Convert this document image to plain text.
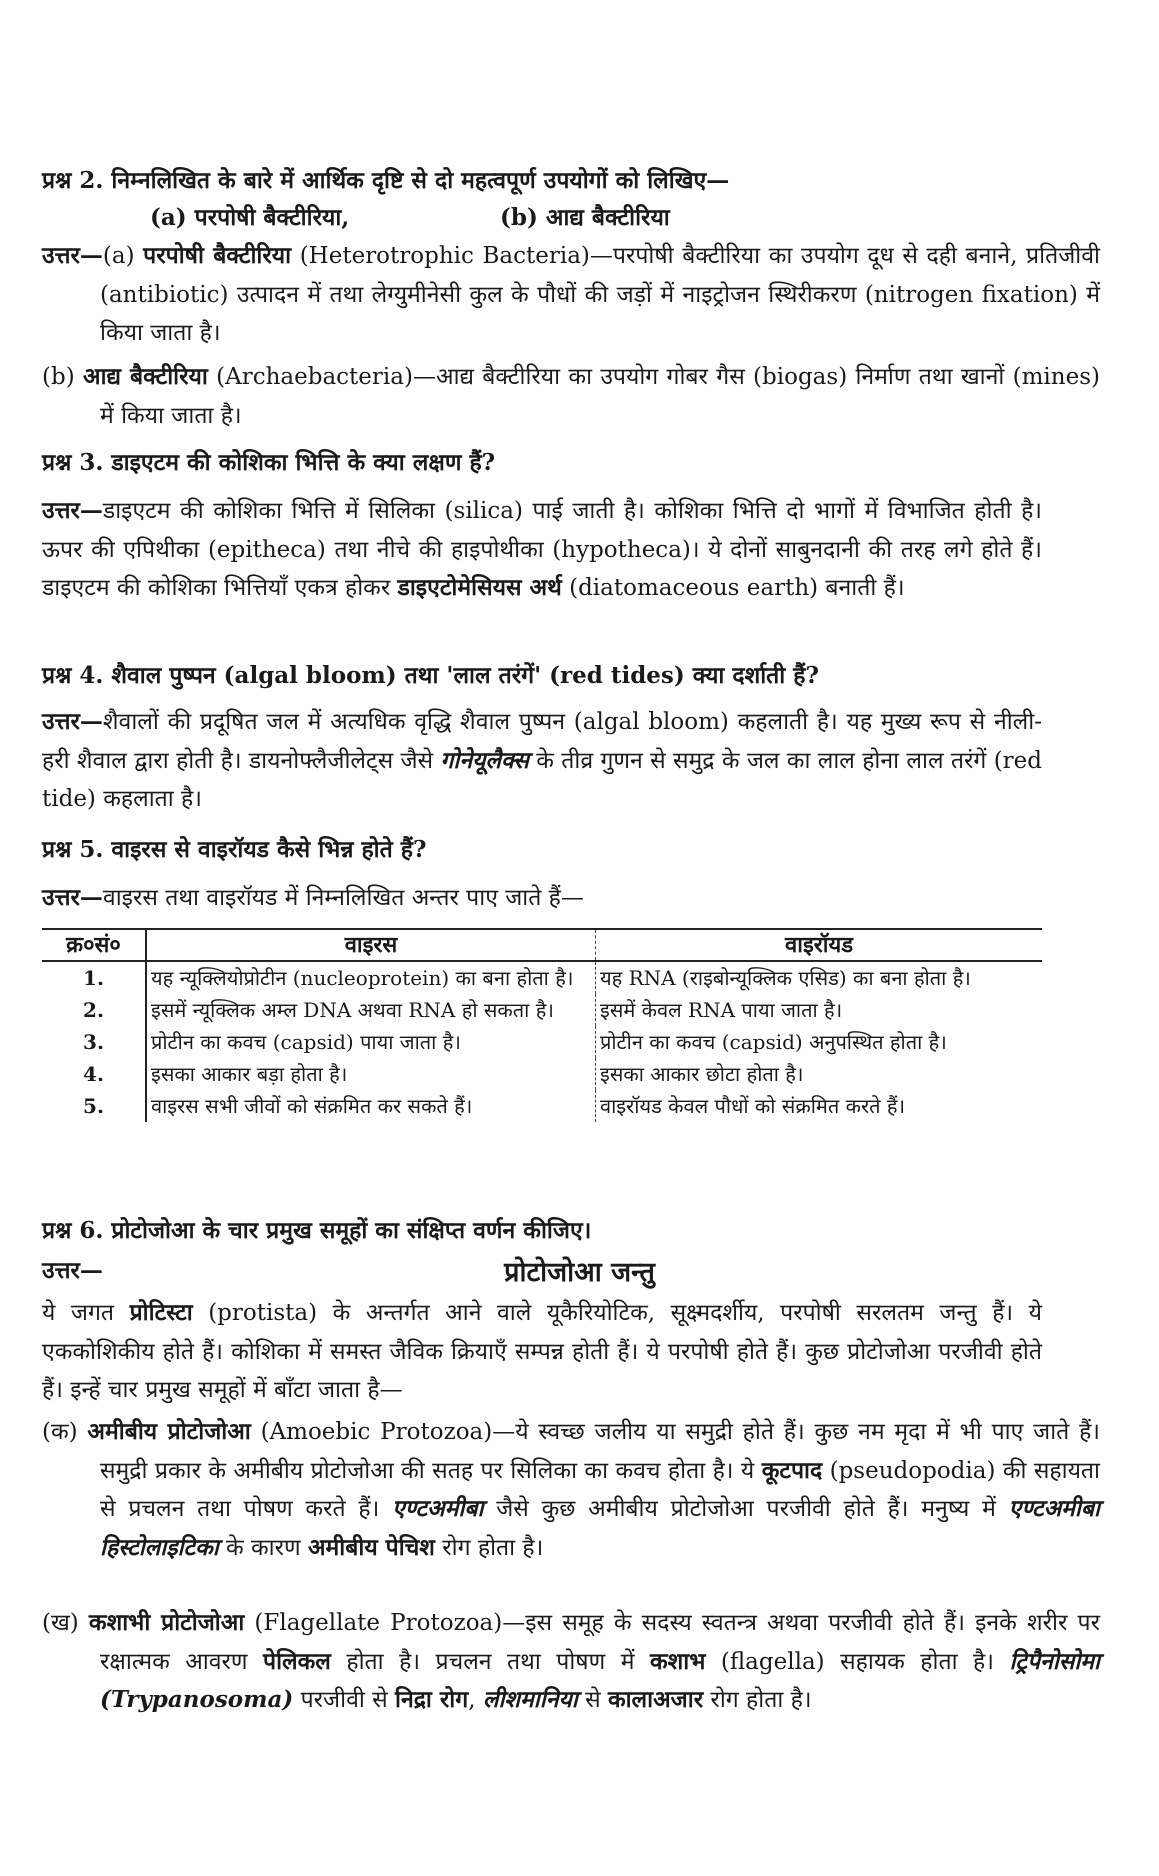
प्रश्न 2. निम्नलिखित के बारे में आर्थिक दृष्टि से दो महत्वपूर्ण उपयोगों को लिखिए—
(a) परपोषी बैक्टीरिया,	(b) आद्य बैक्टीरिया
उत्तर—(a) परपोषी बैक्टीरिया (Heterotrophic Bacteria)—परपोषी बैक्टीरिया का उपयोग दूध से दही बनाने, प्रतिजीवी (antibiotic) उत्पादन में तथा लेग्युमीनेसी कुल के पौधों की जड़ों में नाइट्रोजन स्थिरीकरण (nitrogen fixation) में किया जाता है।
(b) आद्य बैक्टीरिया (Archaebacteria)—आद्य बैक्टीरिया का उपयोग गोबर गैस (biogas) निर्माण तथा खानों (mines) में किया जाता है।
प्रश्न 3. डाइएटम की कोशिका भित्ति के क्या लक्षण हैं?
उत्तर—डाइएटम की कोशिका भित्ति में सिलिका (silica) पाई जाती है। कोशिका भित्ति दो भागों में विभाजित होती है। ऊपर की एपिथीका (epitheca) तथा नीचे की हाइपोथीका (hypotheca)। ये दोनों साबुनदानी की तरह लगे होते हैं। डाइएटम की कोशिका भित्तियाँ एकत्र होकर डाइएटोमेसियस अर्थ (diatomaceous earth) बनाती हैं।
प्रश्न 4. शैवाल पुष्पन (algal bloom) तथा 'लाल तरंगें' (red tides) क्या दर्शाती हैं?
उत्तर—शैवालों की प्रदूषित जल में अत्यधिक वृद्धि शैवाल पुष्पन (algal bloom) कहलाती है। यह मुख्य रूप से नीली-हरी शैवाल द्वारा होती है। डायनोफ्लैजीलेट्स जैसे गोनेयूलैक्स के तीव्र गुणन से समुद्र के जल का लाल होना लाल तरंगें (red tide) कहलाता है।
प्रश्न 5. वाइरस से वाइरॉयड कैसे भिन्न होते हैं?
उत्तर—वाइरस तथा वाइरॉयड में निम्नलिखित अन्तर पाए जाते हैं—
क्र०सं०	वाइरस	वाइरॉयड
1.	यह न्यूक्लियोप्रोटीन (nucleoprotein) का बना होता है।	यह RNA (राइबोन्यूक्लिक एसिड) का बना होता है।
2.	इसमें न्यूक्लिक अम्ल DNA अथवा RNA हो सकता है।	इसमें केवल RNA पाया जाता है।
3.	प्रोटीन का कवच (capsid) पाया जाता है।	प्रोटीन का कवच (capsid) अनुपस्थित होता है।
4.	इसका आकार बड़ा होता है।	इसका आकार छोटा होता है।
5.	वाइरस सभी जीवों को संक्रमित कर सकते हैं।	वाइरॉयड केवल पौधों को संक्रमित करते हैं।
प्रश्न 6. प्रोटोजोआ के चार प्रमुख समूहों का संक्षिप्त वर्णन कीजिए।
उत्तर—	प्रोटोजोआ जन्तु
ये जगत प्रोटिस्टा (protista) के अन्तर्गत आने वाले यूकैरियोटिक, सूक्ष्मदर्शीय, परपोषी सरलतम जन्तु हैं। ये एककोशिकीय होते हैं। कोशिका में समस्त जैविक क्रियाएँ सम्पन्न होती हैं। ये परपोषी होते हैं। कुछ प्रोटोजोआ परजीवी होते हैं। इन्हें चार प्रमुख समूहों में बाँटा जाता है—
(क) अमीबीय प्रोटोजोआ (Amoebic Protozoa)—ये स्वच्छ जलीय या समुद्री होते हैं। कुछ नम मृदा में भी पाए जाते हैं। समुद्री प्रकार के अमीबीय प्रोटोजोआ की सतह पर सिलिका का कवच होता है। ये कूटपाद (pseudopodia) की सहायता से प्रचलन तथा पोषण करते हैं। एण्टअमीबा जैसे कुछ अमीबीय प्रोटोजोआ परजीवी होते हैं। मनुष्य में एण्टअमीबा हिस्टोलाइटिका के कारण अमीबीय पेचिश रोग होता है।
(ख) कशाभी प्रोटोजोआ (Flagellate Protozoa)—इस समूह के सदस्य स्वतन्त्र अथवा परजीवी होते हैं। इनके शरीर पर रक्षात्मक आवरण पेलिकल होता है। प्रचलन तथा पोषण में कशाभ (flagella) सहायक होता है। ट्रिपैनोसोमा (Trypanosoma) परजीवी से निद्रा रोग, लीशमानिया से कालाअजार रोग होता है।
